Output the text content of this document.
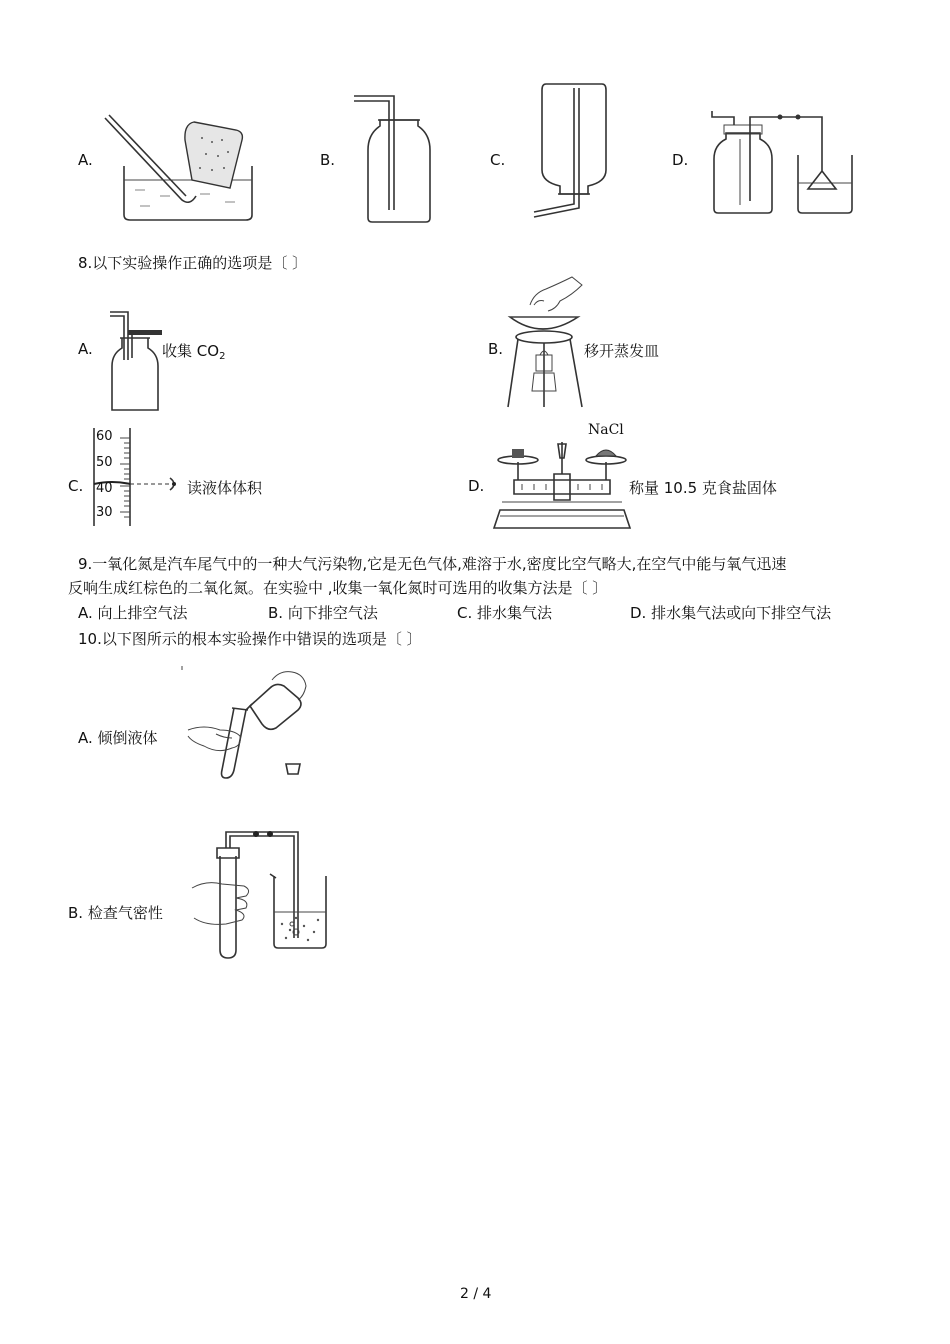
A.	B.	C.	D.
8.以下实验操作正确的选项是〔 〕
A.	收集 $CO_2$	B.	移开蒸发皿
C.
60
50
40
30
读液体体积	D.
NaCl
称量 10.5 克食盐固体
9.一氧化氮是汽车尾气中的一种大气污染物,它是无色气体,难溶于水,密度比空气略大,在空气中能与氧气迅速
反响生成红棕色的二氧化氮。在实验中 ,收集一氧化氮时可选用的收集方法是〔 〕
A. 向上排空气法	B. 向下排空气法	C. 排水集气法	D. 排水集气法或向下排空气法
10.以下图所示的根本实验操作中错误的选项是〔 〕
A. 倾倒液体
B. 检查气密性
2 / 4
